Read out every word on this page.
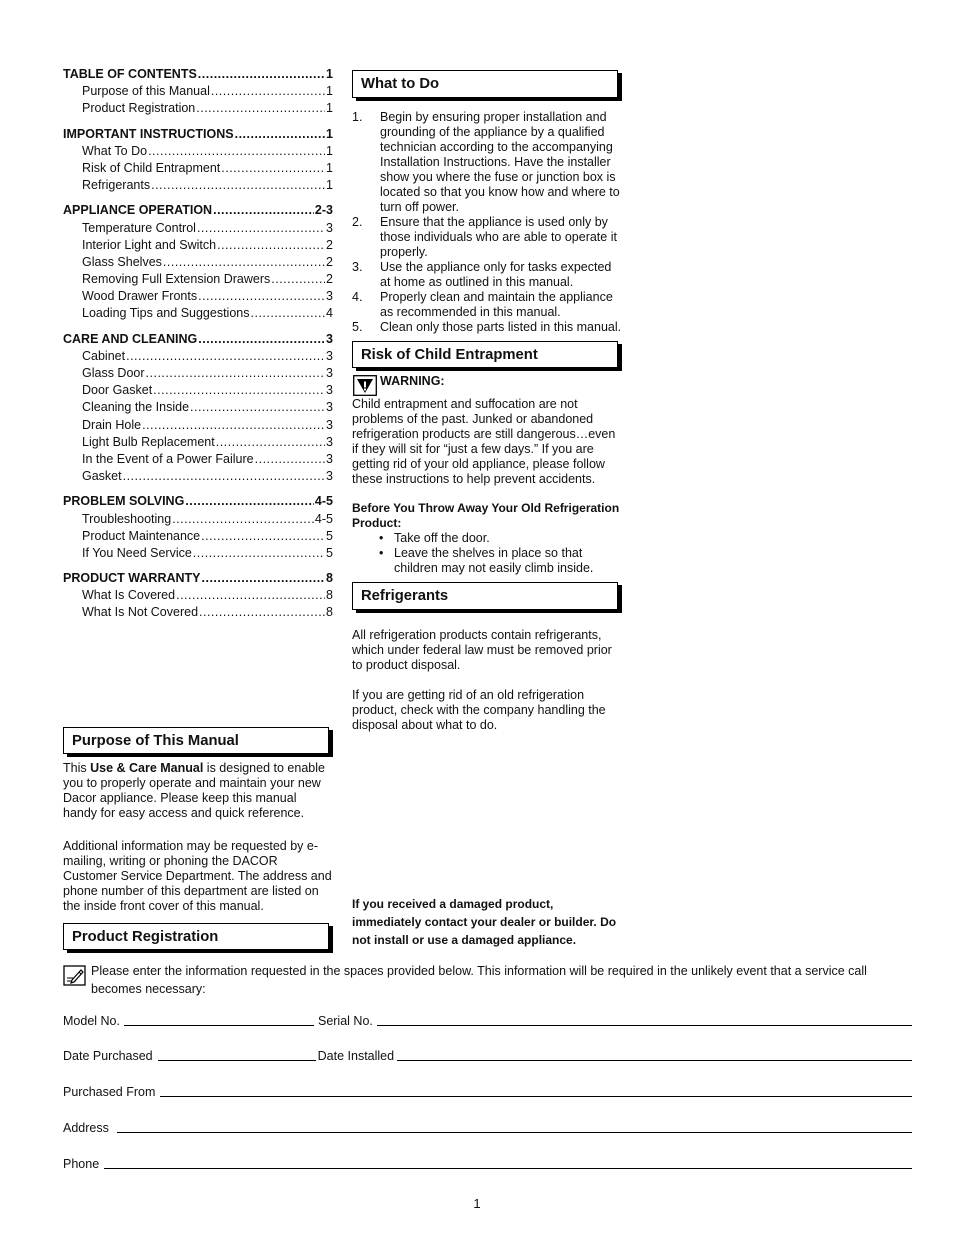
TABLE OF CONTENTS .....	1
Purpose of this Manual .....	1
Product Registration .....	1
IMPORTANT INSTRUCTIONS .....	1
What To Do .....	1
Risk of Child Entrapment .....	1
Refrigerants .....	1
APPLIANCE OPERATION .....	2-3
Temperature Control .....	3
Interior Light and Switch .....	2
Glass Shelves .....	2
Removing Full Extension Drawers .....	2
Wood Drawer Fronts .....	3
Loading Tips and Suggestions .....	4
CARE AND CLEANING .....	3
Cabinet .....	3
Glass Door .....	3
Door Gasket .....	3
Cleaning the Inside .....	3
Drain Hole .....	3
Light Bulb Replacement .....	3
In the Event of a Power Failure .....	3
Gasket .....	3
PROBLEM SOLVING .....	4-5
Troubleshooting .....	4-5
Product Maintenance .....	5
If You Need Service .....	5
PRODUCT WARRANTY .....	8
What Is Covered .....	8
What Is Not Covered .....	8
Purpose of This Manual

This Use & Care Manual is designed to enable you to properly operate and maintain your new Dacor appliance. Please keep this manual handy for easy access and quick reference.

Additional information may be requested by e-mailing, writing or phoning the DACOR Customer Service Department. The address and phone number of this department are listed on the inside front cover of this manual.

Product Registration
Please enter the information requested in the spaces provided below. This information will be required in the unlikely event that a service call becomes necessary:
Model No.	Serial No.
Date Purchased	Date Installed
Purchased From
Address
Phone
What to Do
1. Begin by ensuring proper installation and grounding of the appliance by a qualified technician according to the accompanying Installation Instructions. Have the installer show you where the fuse or junction box is located so that you know how and where to turn off power.
2. Ensure that the appliance is used only by those individuals who are able to operate it properly.
3. Use the appliance only for tasks expected at home as outlined in this manual.
4. Properly clean and maintain the appliance as recommended in this manual.
5. Clean only those parts listed in this manual.
Risk of Child Entrapment
WARNING:

Child entrapment and suffocation are not problems of the past. Junked or abandoned refrigeration products are still dangerous…even if they will sit for “just a few days.” If you are getting rid of your old appliance, please follow these instructions to help prevent accidents.

Before You Throw Away Your Old Refrigeration Product:

• Take off the door.
• Leave the shelves in place so that children may not easily climb inside.
Refrigerants

All refrigeration products contain refrigerants, which under federal law must be removed prior to product disposal.

If you are getting rid of an old refrigeration product, check with the company handling the disposal about what to do.

If you received a damaged product, immediately contact your dealer or builder. Do not install or use a damaged appliance.
1
